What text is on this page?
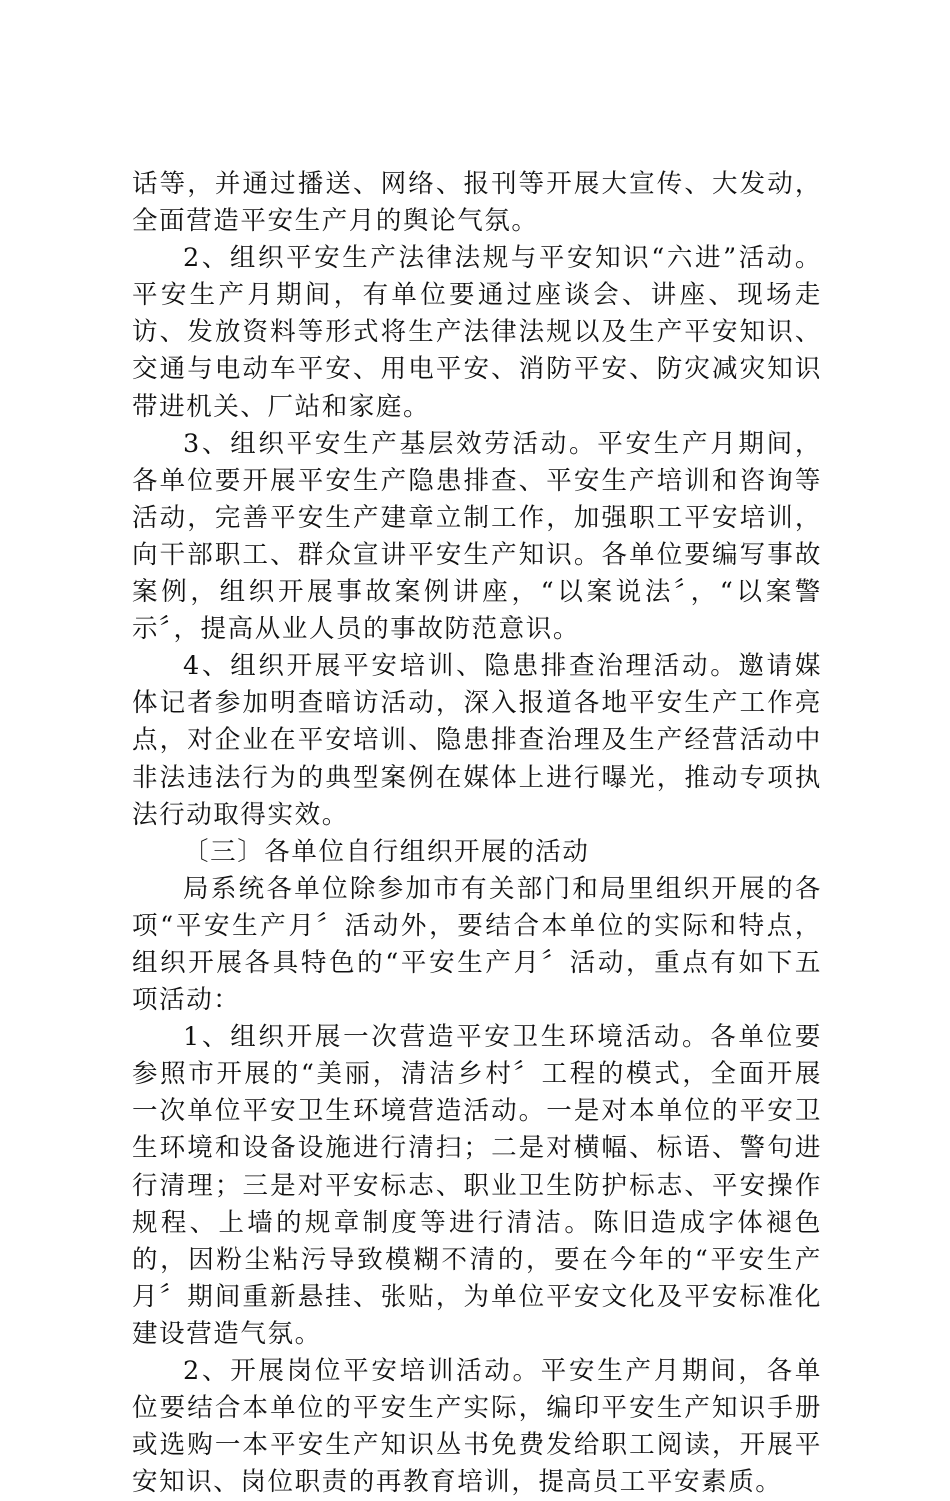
话等，并通过播送、网络、报刊等开展大宣传、大发动，全面营造平安生产月的舆论气氛。

2、组织平安生产法律法规与平安知识“六进”活动。平安生产月期间，有单位要通过座谈会、讲座、现场走访、发放资料等形式将生产法律法规以及生产平安知识、交通与电动车平安、用电平安、消防平安、防灾减灾知识带进机关、厂站和家庭。

3、组织平安生产基层效劳活动。平安生产月期间，各单位要开展平安生产隐患排查、平安生产培训和咨询等活动，完善平安生产建章立制工作，加强职工平安培训，向干部职工、群众宣讲平安生产知识。各单位要编写事故案例，组织开展事故案例讲座，“以案说法〞，“以案警示〞，提高从业人员的事故防范意识。

4、组织开展平安培训、隐患排查治理活动。邀请媒体记者参加明查暗访活动，深入报道各地平安生产工作亮点，对企业在平安培训、隐患排查治理及生产经营活动中非法违法行为的典型案例在媒体上进行曝光，推动专项执法行动取得实效。

〔三〕各单位自行组织开展的活动

局系统各单位除参加市有关部门和局里组织开展的各项“平安生产月〞活动外，要结合本单位的实际和特点，组织开展各具特色的“平安生产月〞活动，重点有如下五项活动：

1、组织开展一次营造平安卫生环境活动。各单位要参照市开展的“美丽，清洁乡村〞工程的模式，全面开展一次单位平安卫生环境营造活动。一是对本单位的平安卫生环境和设备设施进行清扫；二是对横幅、标语、警句进行清理；三是对平安标志、职业卫生防护标志、平安操作规程、上墙的规章制度等进行清洁。陈旧造成字体褪色的，因粉尘粘污导致模糊不清的，要在今年的“平安生产月〞期间重新悬挂、张贴，为单位平安文化及平安标准化建设营造气氛。

2、开展岗位平安培训活动。平安生产月期间，各单位要结合本单位的平安生产实际，编印平安生产知识手册或选购一本平安生产知识丛书免费发给职工阅读，开展平安知识、岗位职责的再教育培训，提高员工平安素质。
